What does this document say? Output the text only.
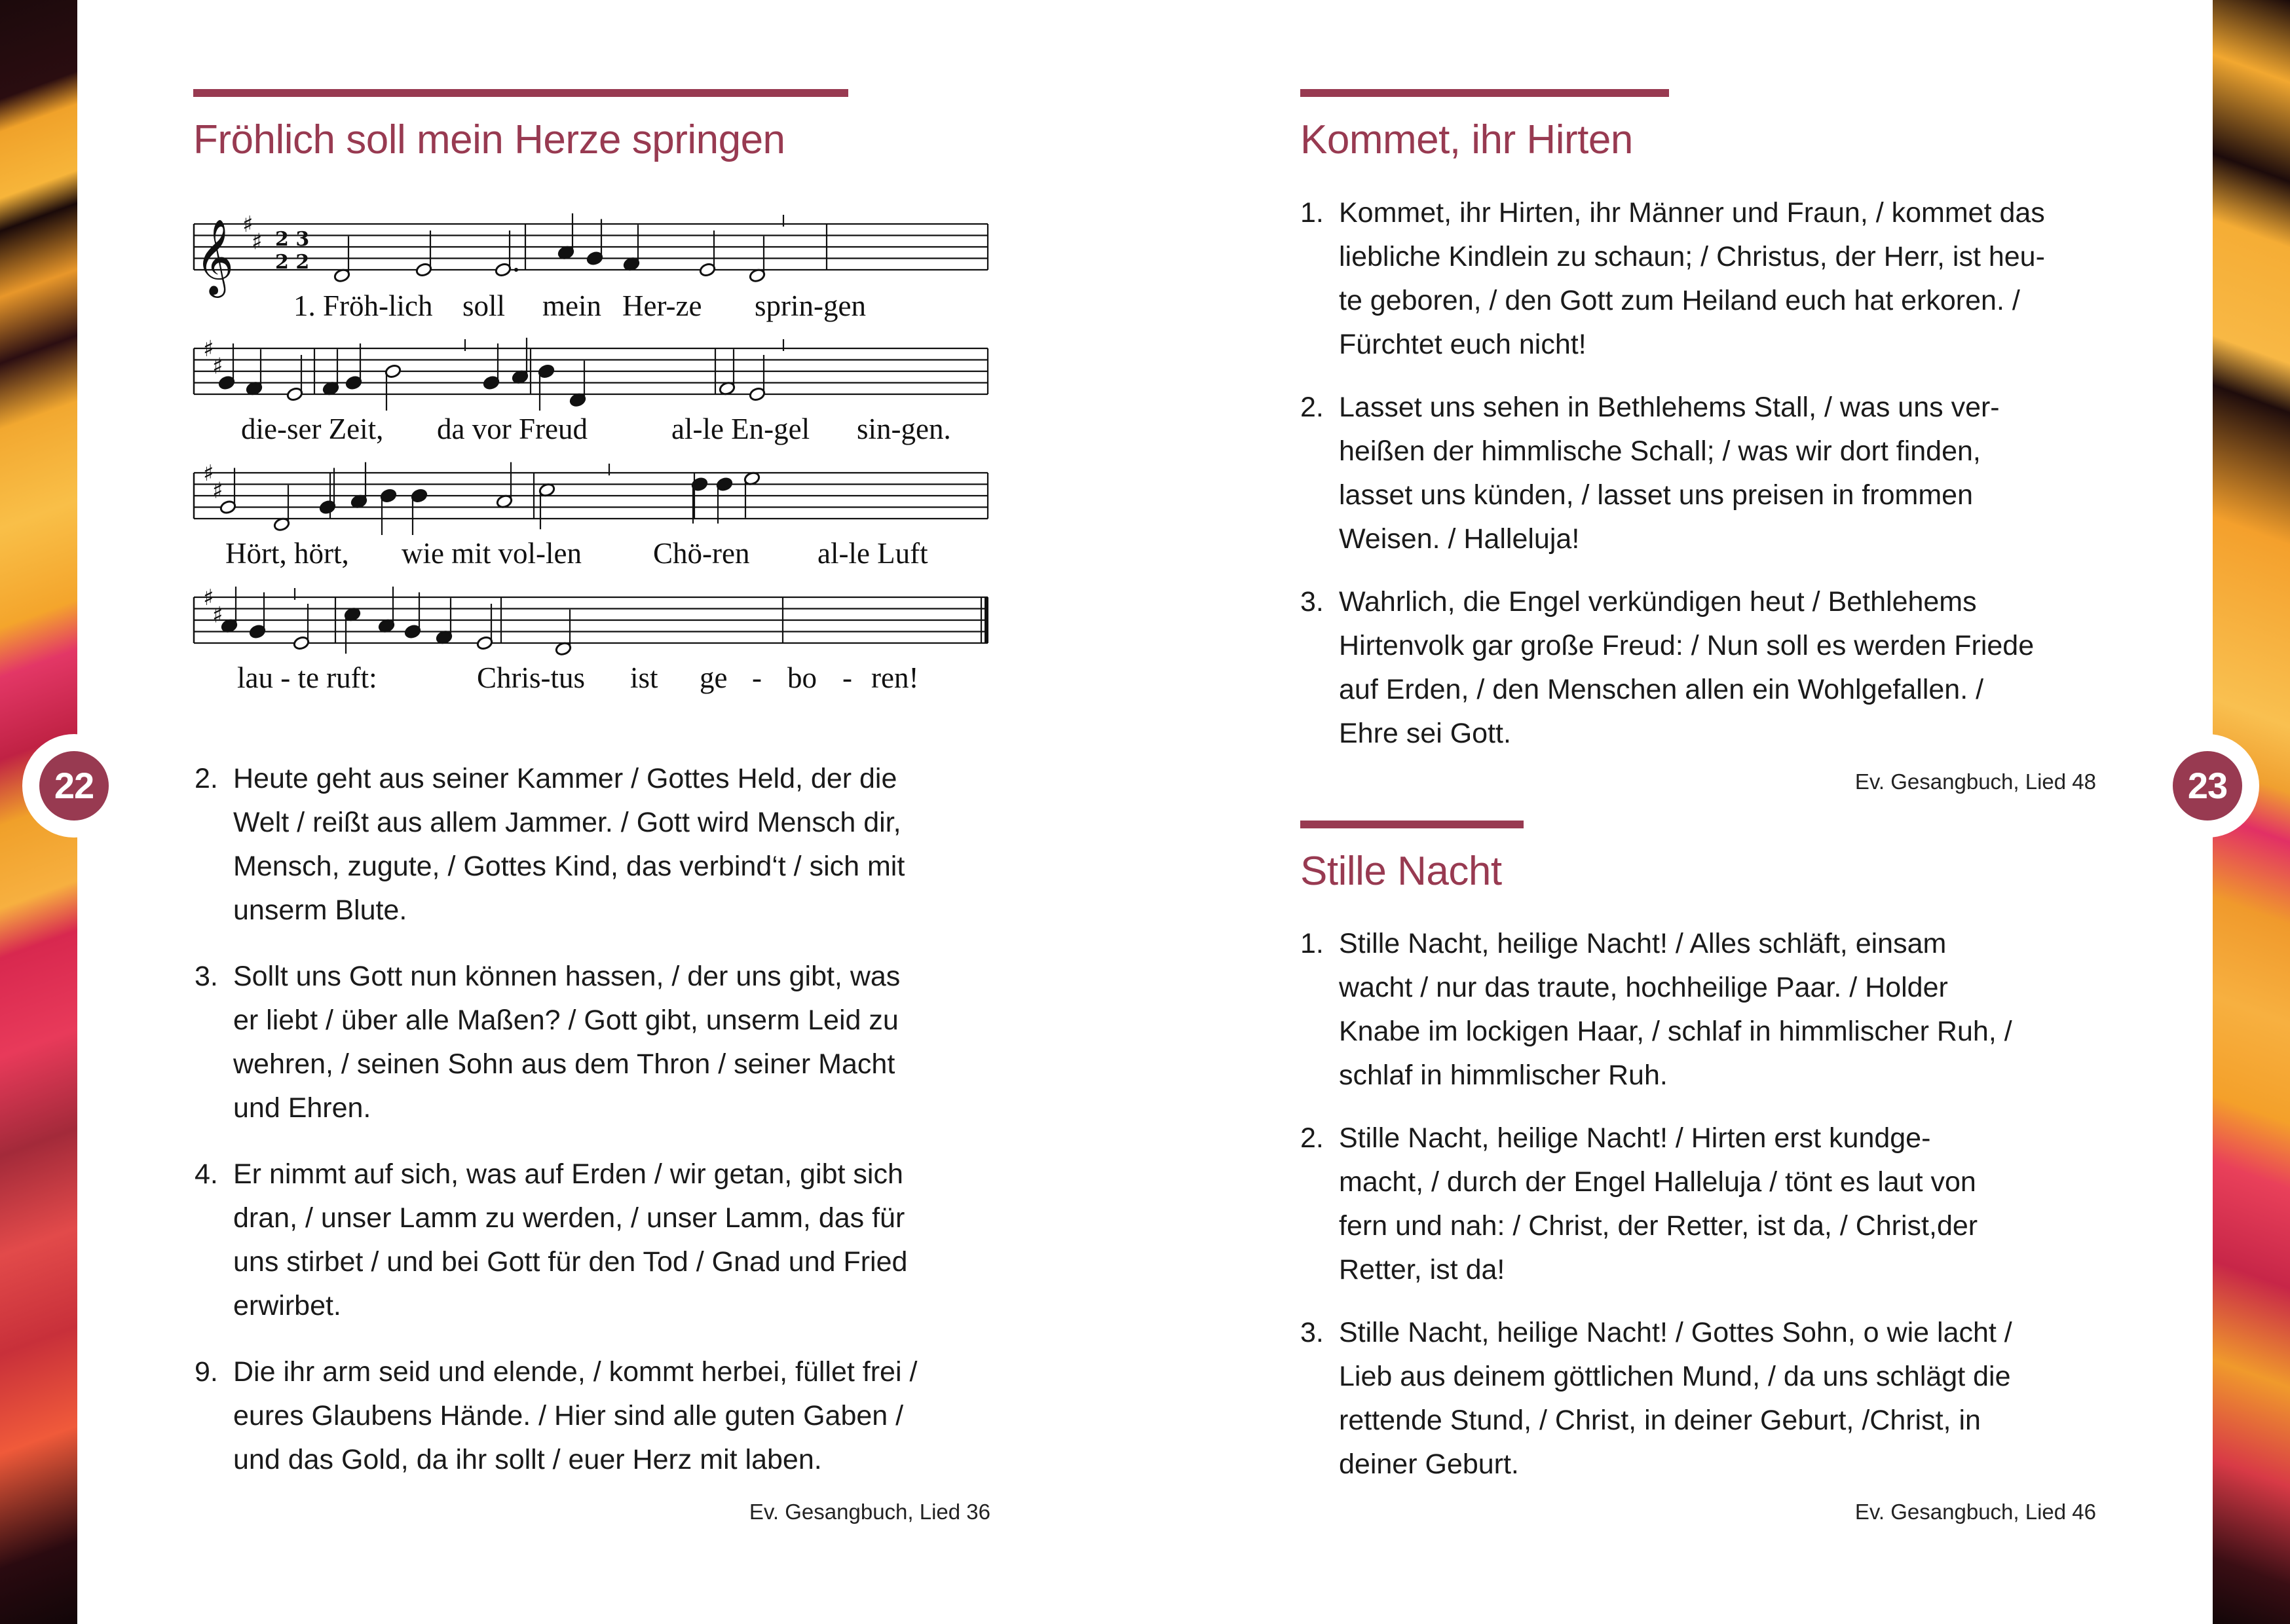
Fröhlich soll mein Herze springen
♯
♯
𝄞 2 3
2 2
♯
♯
♯
♯
♯
♯
1. Fröh-lich soll mein Her-ze sprin-gen
die-ser Zeit, da vor Freud	al-le En-gel sin-gen.
Hört, hört, wie mit vol-len Chö-ren al-le Luft
lau - te ruft:	Chris-tus ist ge - bo - ren!
2. Heute geht aus seiner Kammer / Gottes Held, der die
Welt / reißt aus allem Jammer. / Gott wird Mensch dir,
Mensch, zugute, / Gottes Kind, das verbind‘t / sich mit
unserm Blute.
3. Sollt uns Gott nun können hassen, / der uns gibt, was
er liebt / über alle Maßen? / Gott gibt, unserm Leid zu
wehren, / seinen Sohn aus dem Thron / seiner Macht
und Ehren.
4. Er nimmt auf sich, was auf Erden / wir getan, gibt sich
dran, / unser Lamm zu werden, / unser Lamm, das für
uns stirbet / und bei Gott für den Tod / Gnad und Fried
erwirbet.
9. Die ihr arm seid und elende, / kommt herbei, füllet frei /
eures Glaubens Hände. / Hier sind alle guten Gaben /
und das Gold, da ihr sollt / euer Herz mit laben.
Ev. Gesangbuch, Lied 36
22
Kommet, ihr Hirten
1. Kommet, ihr Hirten, ihr Männer und Fraun, / kommet das
liebliche Kindlein zu schaun; / Christus, der Herr, ist heu-
te geboren, / den Gott zum Heiland euch hat erkoren. /
Fürchtet euch nicht!
2. Lasset uns sehen in Bethlehems Stall, / was uns ver-
heißen der himmlische Schall; / was wir dort finden,
lasset uns künden, / lasset uns preisen in frommen
Weisen. / Halleluja!
3. Wahrlich, die Engel verkündigen heut / Bethlehems
Hirtenvolk gar große Freud: / Nun soll es werden Friede
auf Erden, / den Menschen allen ein Wohlgefallen. /
Ehre sei Gott.
Ev. Gesangbuch, Lied 48
Stille Nacht
1. Stille Nacht, heilige Nacht! / Alles schläft, einsam
wacht / nur das traute, hochheilige Paar. / Holder
Knabe im lockigen Haar, / schlaf in himmlischer Ruh, /
schlaf in himmlischer Ruh.
2. Stille Nacht, heilige Nacht! / Hirten erst kundge-
macht, / durch der Engel Halleluja / tönt es laut von
fern und nah: / Christ, der Retter, ist da, / Christ,der
Retter, ist da!
3. Stille Nacht, heilige Nacht! / Gottes Sohn, o wie lacht /
Lieb aus deinem göttlichen Mund, / da uns schlägt die
rettende Stund, / Christ, in deiner Geburt, /Christ, in
deiner Geburt.
Ev. Gesangbuch, Lied 46
23
